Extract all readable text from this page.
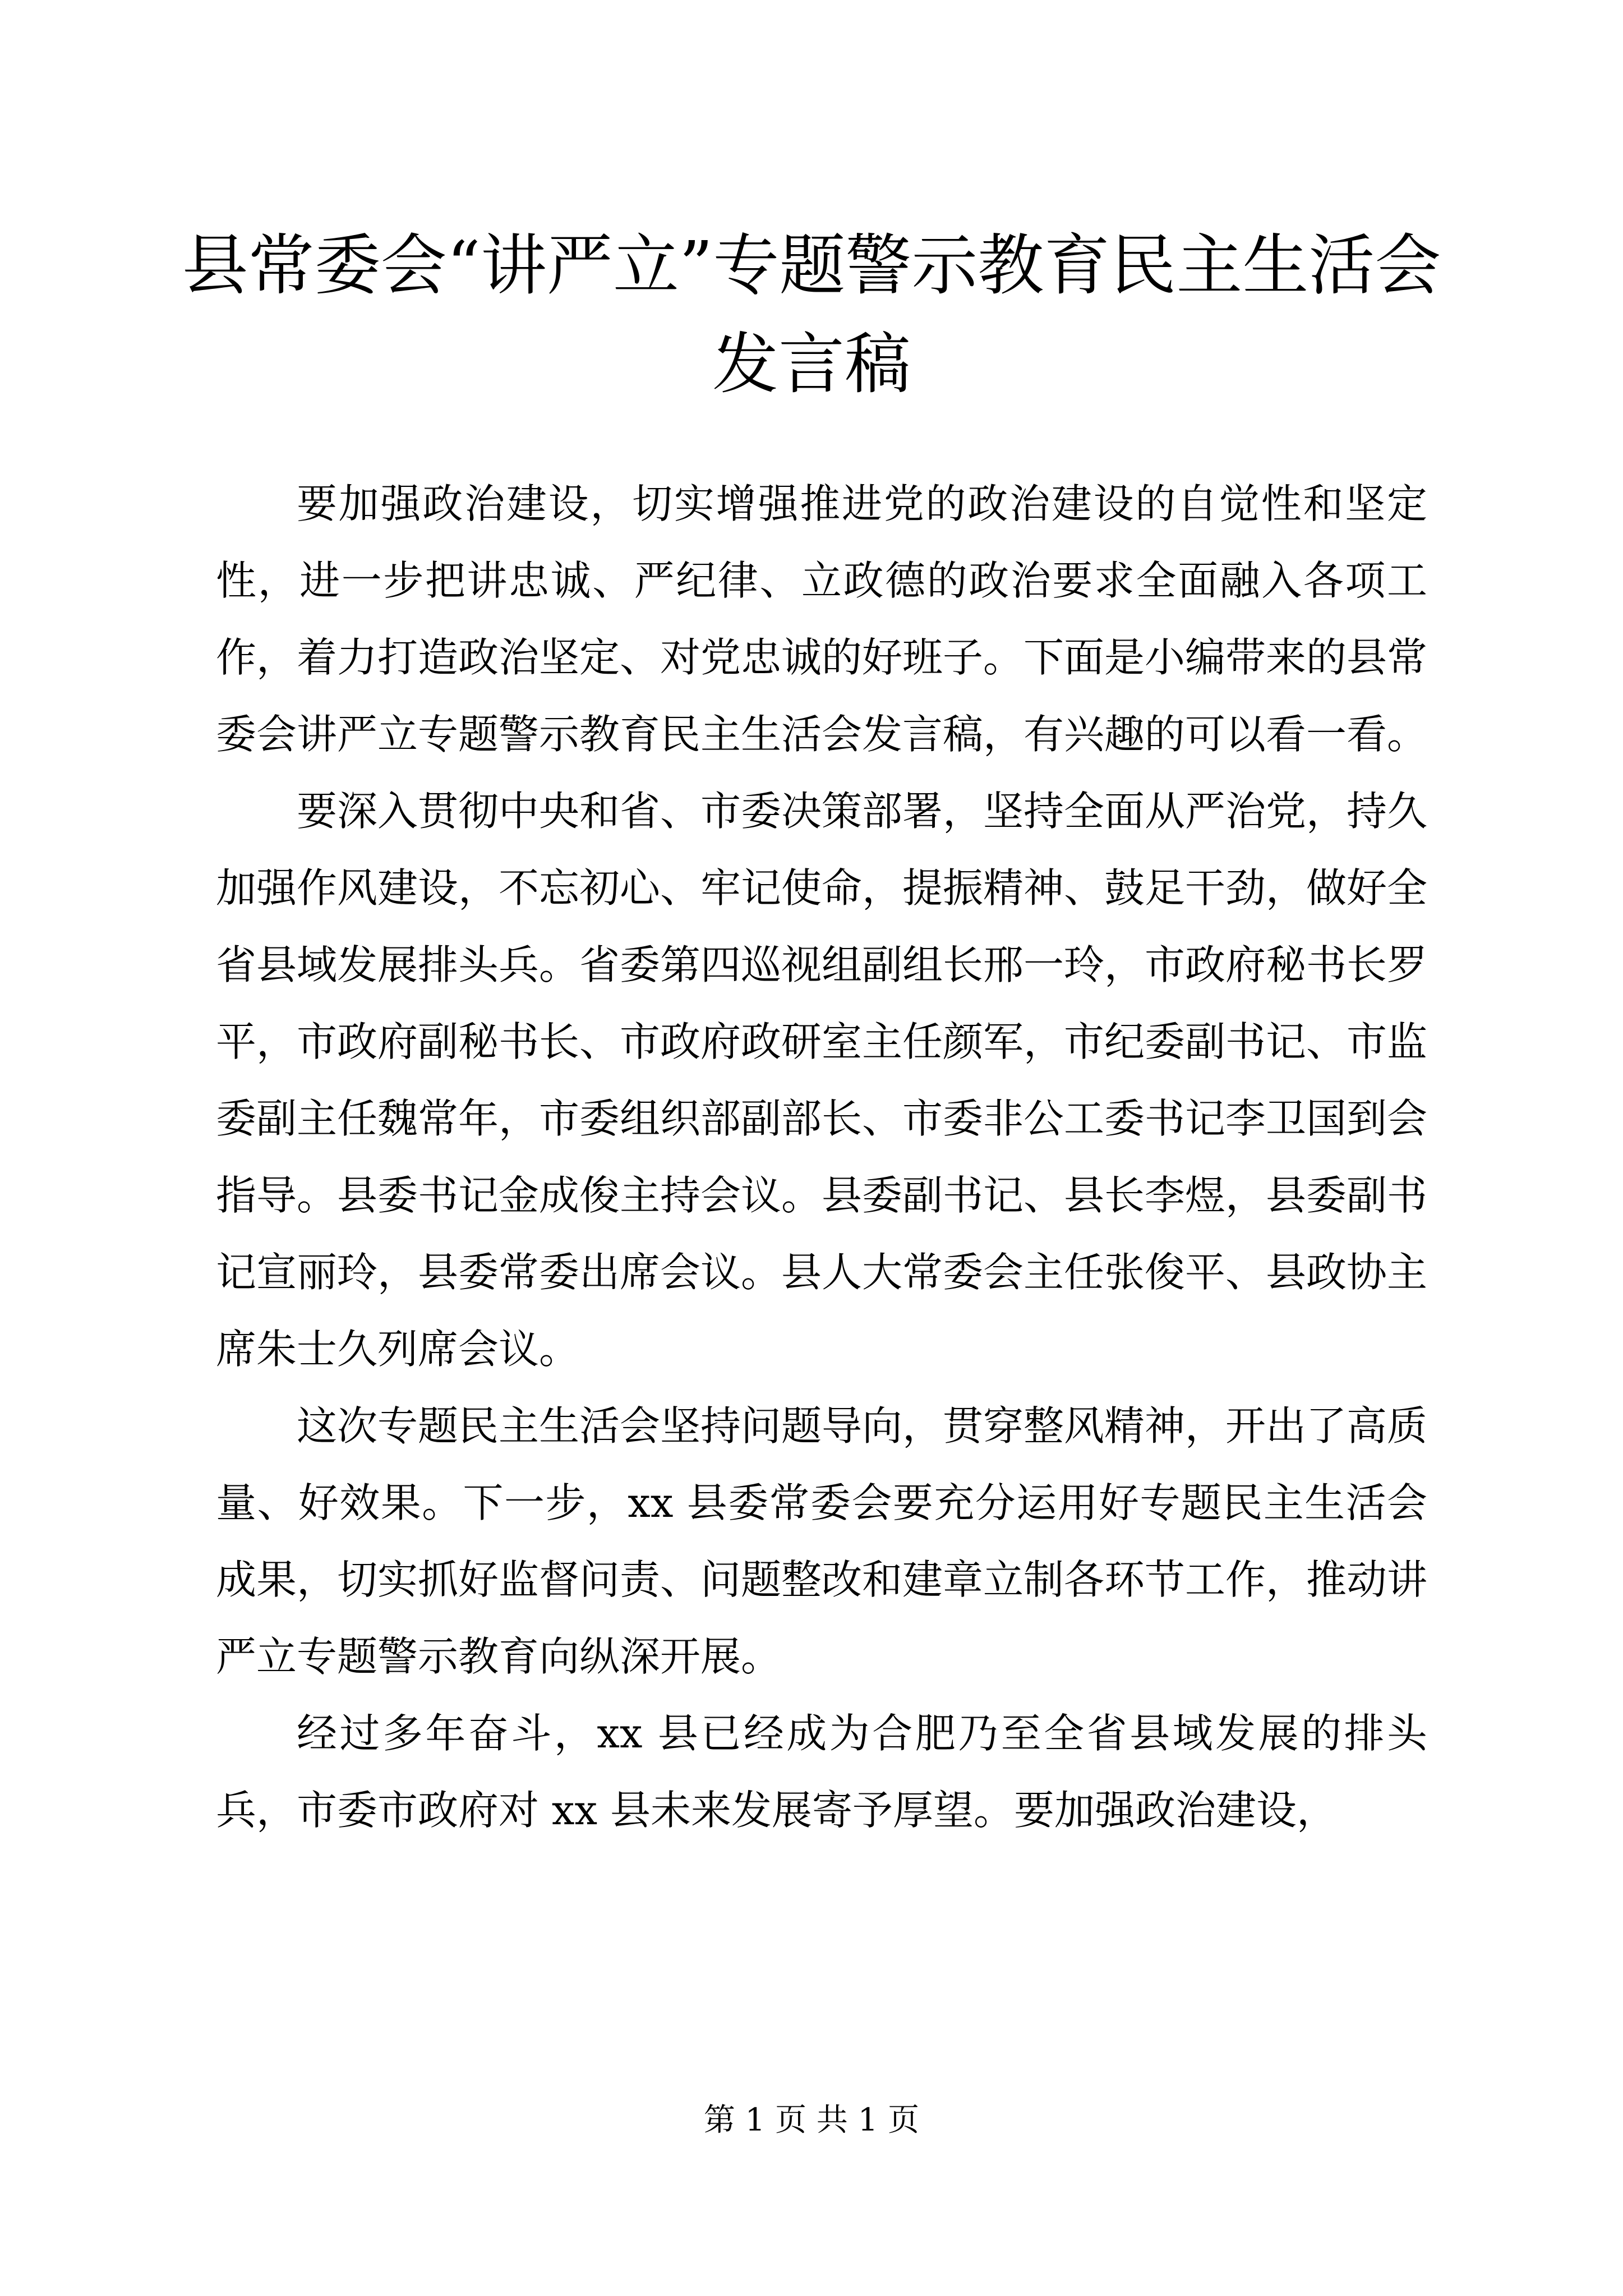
县常委会“讲严立”专题警示教育民主生活会
发言稿

要加强政治建设，切实增强推进党的政治建设的自觉性和坚定性，进一步把讲忠诚、严纪律、立政德的政治要求全面融入各项工作，着力打造政治坚定、对党忠诚的好班子。下面是小编带来的县常委会讲严立专题警示教育民主生活会发言稿，有兴趣的可以看一看。

要深入贯彻中央和省、市委决策部署，坚持全面从严治党，持久加强作风建设，不忘初心、牢记使命，提振精神、鼓足干劲，做好全省县域发展排头兵。省委第四巡视组副组长邢一玲，市政府秘书长罗平，市政府副秘书长、市政府政研室主任颜军，市纪委副书记、市监委副主任魏常年，市委组织部副部长、市委非公工委书记李卫国到会指导。县委书记金成俊主持会议。县委副书记、县长李煜，县委副书记宣丽玲，县委常委出席会议。县人大常委会主任张俊平、县政协主席朱士久列席会议。

这次专题民主生活会坚持问题导向，贯穿整风精神，开出了高质量、好效果。下一步，xx 县委常委会要充分运用好专题民主生活会成果，切实抓好监督问责、问题整改和建章立制各环节工作，推动讲严立专题警示教育向纵深开展。

经过多年奋斗，xx 县已经成为合肥乃至全省县域发展的排头兵，市委市政府对 xx 县未来发展寄予厚望。要加强政治建设，

第 1 页 共 1 页
